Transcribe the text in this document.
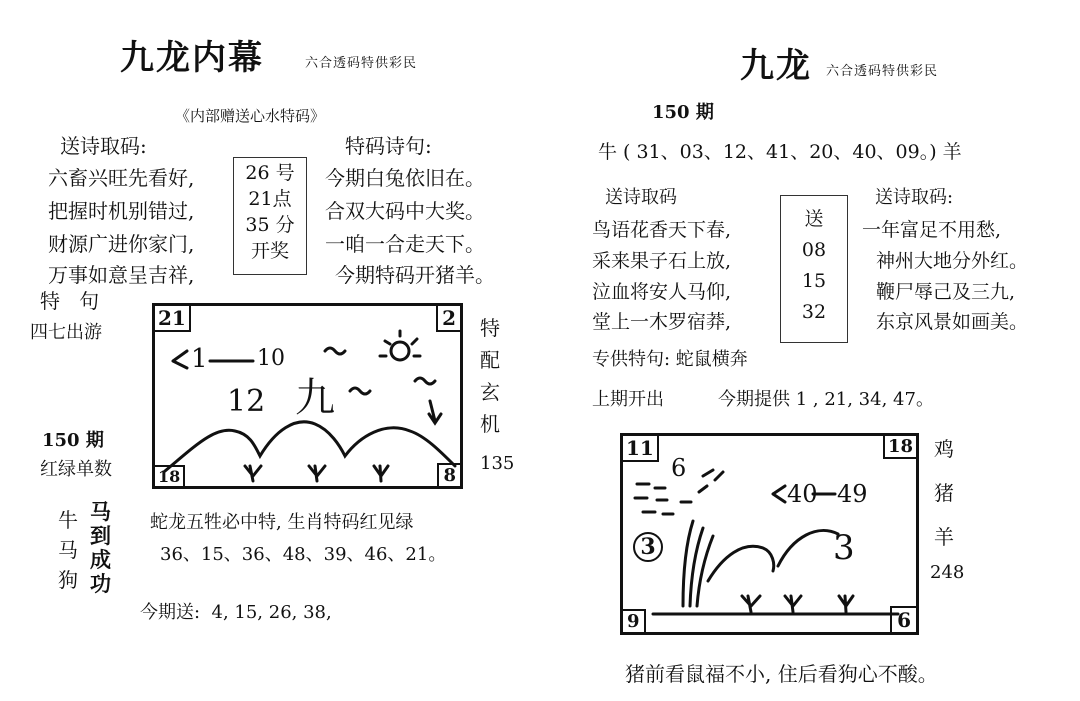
九龙内幕	六合透码特供彩民
《内部赠送心水特码》
送诗取码:
六畜兴旺先看好,
把握时机别错过,
财源广进你家门,
万事如意呈吉祥,
26 号
21点
35 分
开奖
特码诗句:
今期白兔依旧在。
合双大码中大奖。
一咱一合走天下。
今期特码开猪羊。
特   句
四七出游
150 期
红绿单数
21	2
18	8
1 10
12 九
特
配
玄
机
135
牛
马
狗
马
到
成
功
蛇龙五牲必中特, 生肖特码红见绿
36、15、36、48、39、46、21。
今期送:  4, 15, 26, 38,
九龙 六合透码特供彩民
150 期
牛 ( 31、03、12、41、20、40、09。) 羊
送诗取码
鸟语花香天下春,
采来果子石上放,
泣血将安人马仰,
堂上一木罗宿莽,
送
08
15
32
送诗取码:
一年富足不用愁,
神州大地分外红。
鞭尸辱己及三九,
东京风景如画美。
专供特句: 蛇鼠横奔
上期开出	今期提供 1 , 21, 34, 47。
11	18
9	6
6
40 49
3	3
鸡
猪
羊
248
猪前看鼠福不小, 住后看狗心不酸。
